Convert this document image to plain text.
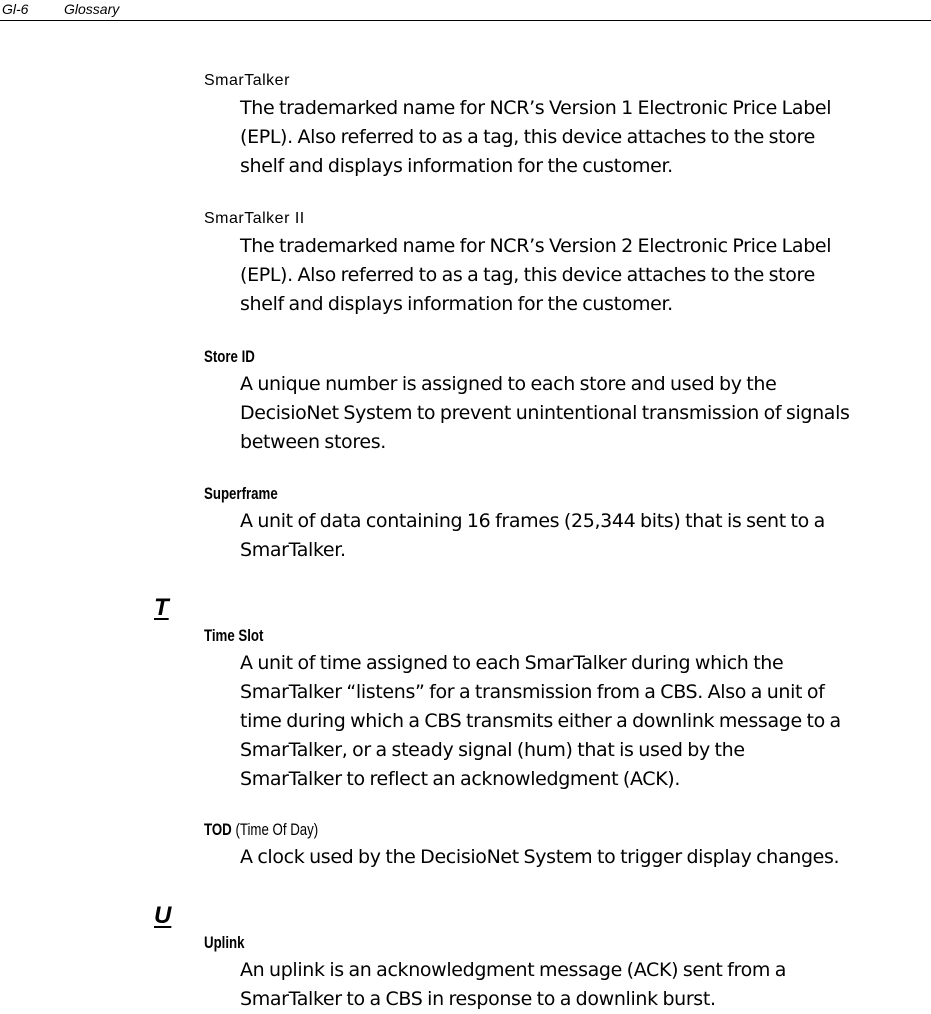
Gl-6	Glossary
SmarTalker
The trademarked name for NCR’s Version 1 Electronic Price Label
(EPL). Also referred to as a tag, this device attaches to the store
shelf and displays information for the customer.
SmarTalker II
The trademarked name for NCR’s Version 2 Electronic Price Label
(EPL). Also referred to as a tag, this device attaches to the store
shelf and displays information for the customer.
Store ID
A unique number is assigned to each store and used by the
DecisioNet System to prevent unintentional transmission of signals
between stores.
Superframe
A unit of data containing 16 frames (25,344 bits) that is sent to a
SmarTalker.
T
Time Slot
A unit of time assigned to each SmarTalker during which the
SmarTalker “listens” for a transmission from a CBS. Also a unit of
time during which a CBS transmits either a downlink message to a
SmarTalker, or a steady signal (hum) that is used by the
SmarTalker to reflect an acknowledgment (ACK).
TOD (Time Of Day)
A clock used by the DecisioNet System to trigger display changes.
U
Uplink
An uplink is an acknowledgment message (ACK) sent from a
SmarTalker to a CBS in response to a downlink burst.
